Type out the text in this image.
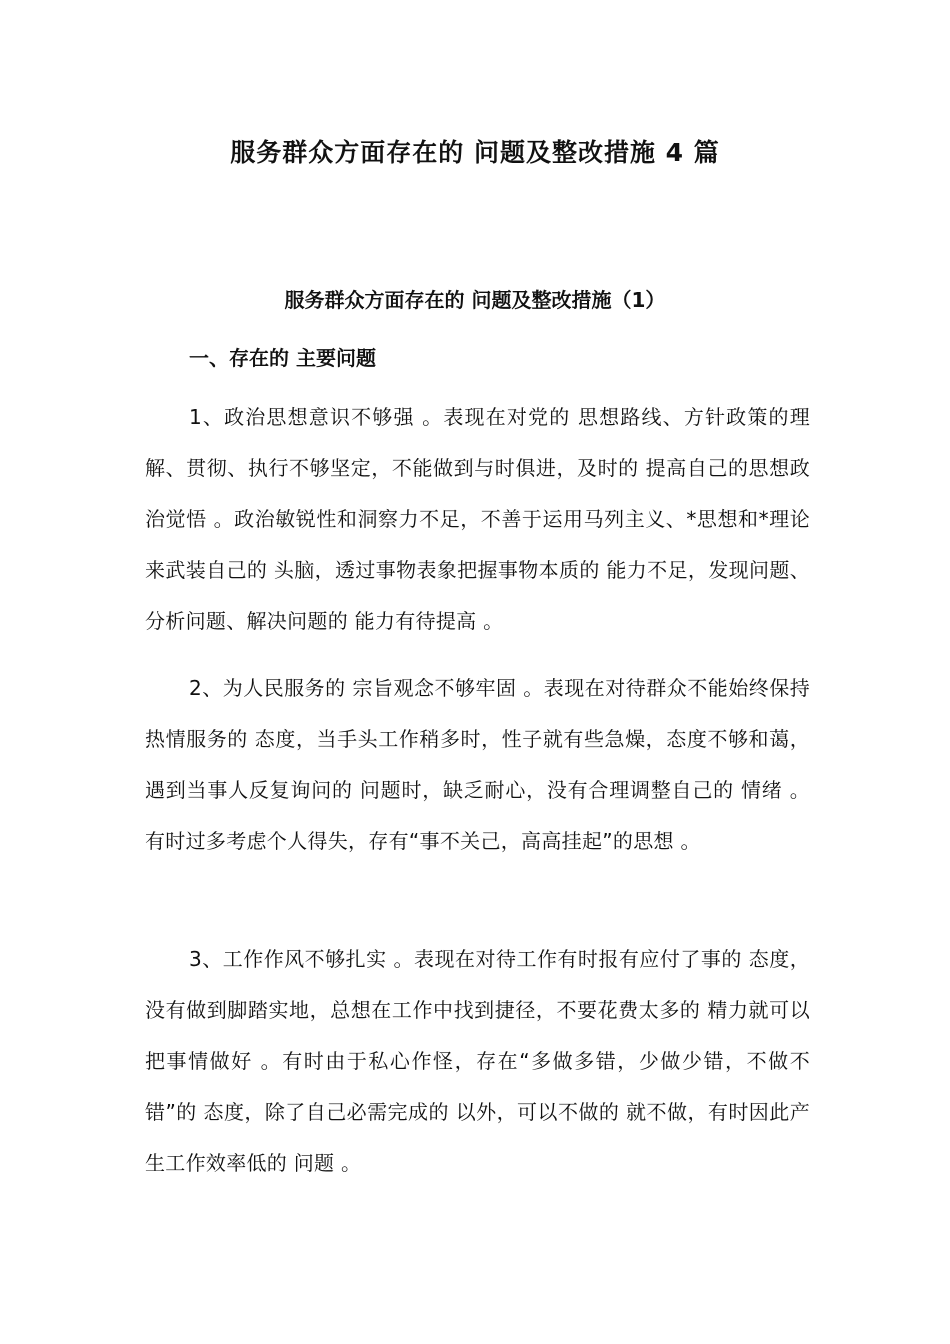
服务群众方面存在的 问题及整改措施 4 篇
服务群众方面存在的 问题及整改措施（1）
一、存在的 主要问题

1、政治思想意识不够强 。表现在对党的 思想路线、方针政策的理解、贯彻、执行不够坚定，不能做到与时俱进，及时的 提高自己的思想政治觉悟 。政治敏锐性和洞察力不足，不善于运用马列主义、*思想和*理论来武装自己的 头脑，透过事物表象把握事物本质的 能力不足，发现问题、分析问题、解决问题的 能力有待提高 。

2、为人民服务的 宗旨观念不够牢固 。表现在对待群众不能始终保持热情服务的 态度，当手头工作稍多时，性子就有些急燥，态度不够和蔼，遇到当事人反复询问的 问题时，缺乏耐心，没有合理调整自己的 情绪 。有时过多考虑个人得失，存有“事不关己，高高挂起”的思想 。

3、工作作风不够扎实 。表现在对待工作有时报有应付了事的 态度，没有做到脚踏实地，总想在工作中找到捷径，不要花费太多的 精力就可以把事情做好 。有时由于私心作怪，存在“多做多错，少做少错，不做不错”的 态度，除了自己必需完成的 以外，可以不做的 就不做，有时因此产生工作效率低的 问题 。
